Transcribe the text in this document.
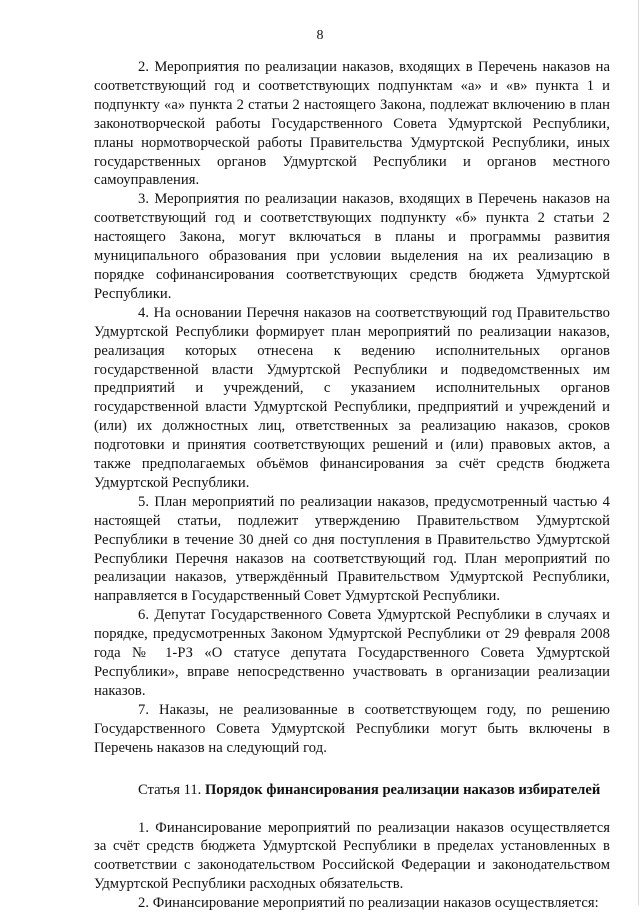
8

2. Мероприятия по реализации наказов, входящих в Перечень наказов на соответствующий год и соответствующих подпунктам «а» и «в» пункта 1 и подпункту «а» пункта 2 статьи 2 настоящего Закона, подлежат включению в план законотворческой работы Государственного Совета Удмуртской Республики, планы нормотворческой работы Правительства Удмуртской Республики, иных государственных органов Удмуртской Республики и органов местного самоуправления.

3. Мероприятия по реализации наказов, входящих в Перечень наказов на соответствующий год и соответствующих подпункту «б» пункта 2 статьи 2 настоящего Закона, могут включаться в планы и программы развития муниципального образования при условии выделения на их реализацию в порядке софинансирования соответствующих средств бюджета Удмуртской Республики.

4. На основании Перечня наказов на соответствующий год Правительство Удмуртской Республики формирует план мероприятий по реализации наказов, реализация которых отнесена к ведению исполнительных органов государственной власти Удмуртской Республики и подведомственных им предприятий и учреждений, с указанием исполнительных органов государственной власти Удмуртской Республики, предприятий и учреждений и (или) их должностных лиц, ответственных за реализацию наказов, сроков подготовки и принятия соответствующих решений и (или) правовых актов, а также предполагаемых объёмов финансирования за счёт средств бюджета Удмуртской Республики.

5. План мероприятий по реализации наказов, предусмотренный частью 4 настоящей статьи, подлежит утверждению Правительством Удмуртской Республики в течение 30 дней со дня поступления в Правительство Удмуртской Республики Перечня наказов на соответствующий год. План мероприятий по реализации наказов, утверждённый Правительством Удмуртской Республики, направляется в Государственный Совет Удмуртской Республики.

6. Депутат Государственного Совета Удмуртской Республики в случаях и порядке, предусмотренных Законом Удмуртской Республики от 29 февраля 2008 года № 1-РЗ «О статусе депутата Государственного Совета Удмуртской Республики», вправе непосредственно участвовать в организации реализации наказов.

7. Наказы, не реализованные в соответствующем году, по решению Государственного Совета Удмуртской Республики могут быть включены в Перечень наказов на следующий год.

Статья 11. Порядок финансирования реализации наказов избирателей

1. Финансирование мероприятий по реализации наказов осуществляется за счёт средств бюджета Удмуртской Республики в пределах установленных в соответствии с законодательством Российской Федерации и законодательством Удмуртской Республики расходных обязательств.

2. Финансирование мероприятий по реализации наказов осуществляется:
